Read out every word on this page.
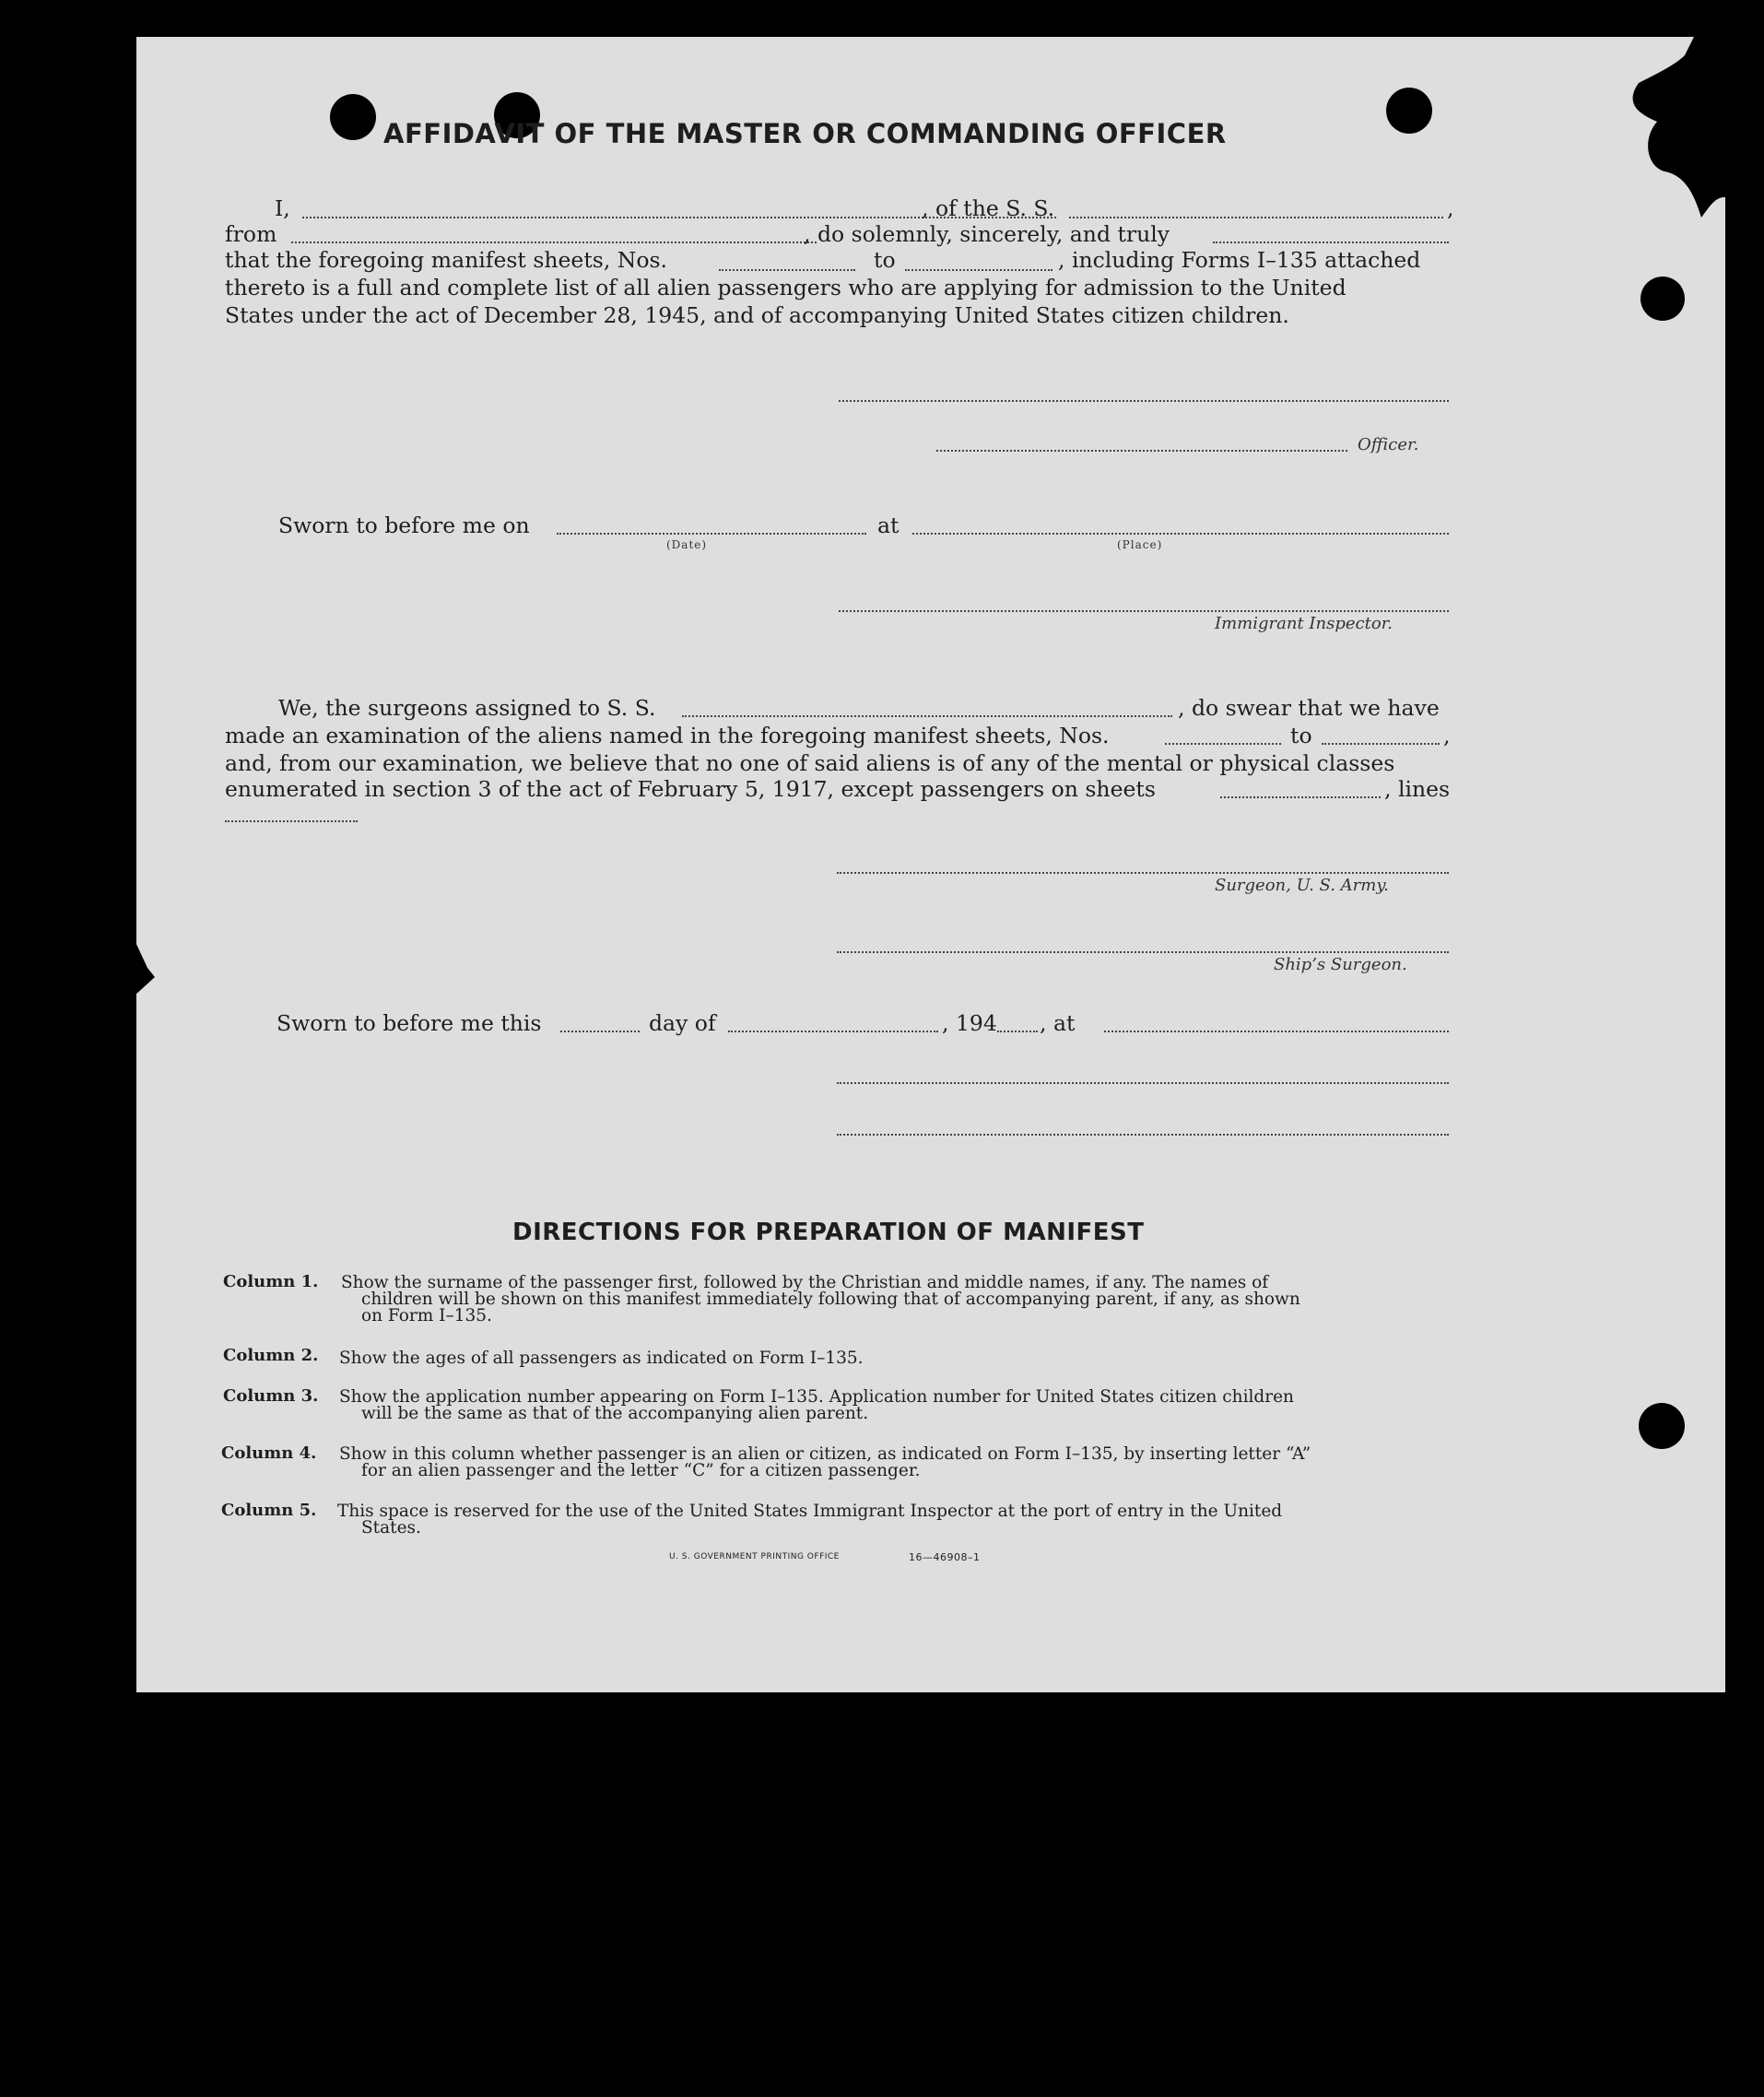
AFFIDAVIT OF THE MASTER OR COMMANDING OFFICER
I,	, of the S. S.	,
from	, do solemnly, sincerely, and truly
that the foregoing manifest sheets, Nos.	to	, including Forms I–135 attached
thereto is a full and complete list of all alien passengers who are applying for admission to the United
States under the act of December 28, 1945, and of accompanying United States citizen children.
Officer.
Sworn to before me on
(Date)
at
(Place)
Immigrant Inspector.
We, the surgeons assigned to S. S.	, do swear that we have
made an examination of the aliens named in the foregoing manifest sheets, Nos.	to	,
and, from our examination, we believe that no one of said aliens is of any of the mental or physical classes
enumerated in section 3 of the act of February 5, 1917, except passengers on sheets	, lines
Surgeon, U. S. Army.
Ship’s Surgeon.
Sworn to before me this	day of	, 194 , at
DIRECTIONS FOR PREPARATION OF MANIFEST
Column 1. Show the surname of the passenger first, followed by the Christian and middle names, if any. The names of
children will be shown on this manifest immediately following that of accompanying parent, if any, as shown
on Form I–135.
Column 2. Show the ages of all passengers as indicated on Form I–135.
Column 3. Show the application number appearing on Form I–135. Application number for United States citizen children
will be the same as that of the accompanying alien parent.
Column 4. Show in this column whether passenger is an alien or citizen, as indicated on Form I–135, by inserting letter “A”
for an alien passenger and the letter “C” for a citizen passenger.
Column 5. This space is reserved for the use of the United States Immigrant Inspector at the port of entry in the United
States.
U. S. GOVERNMENT PRINTING OFFICE	16—46908–1
